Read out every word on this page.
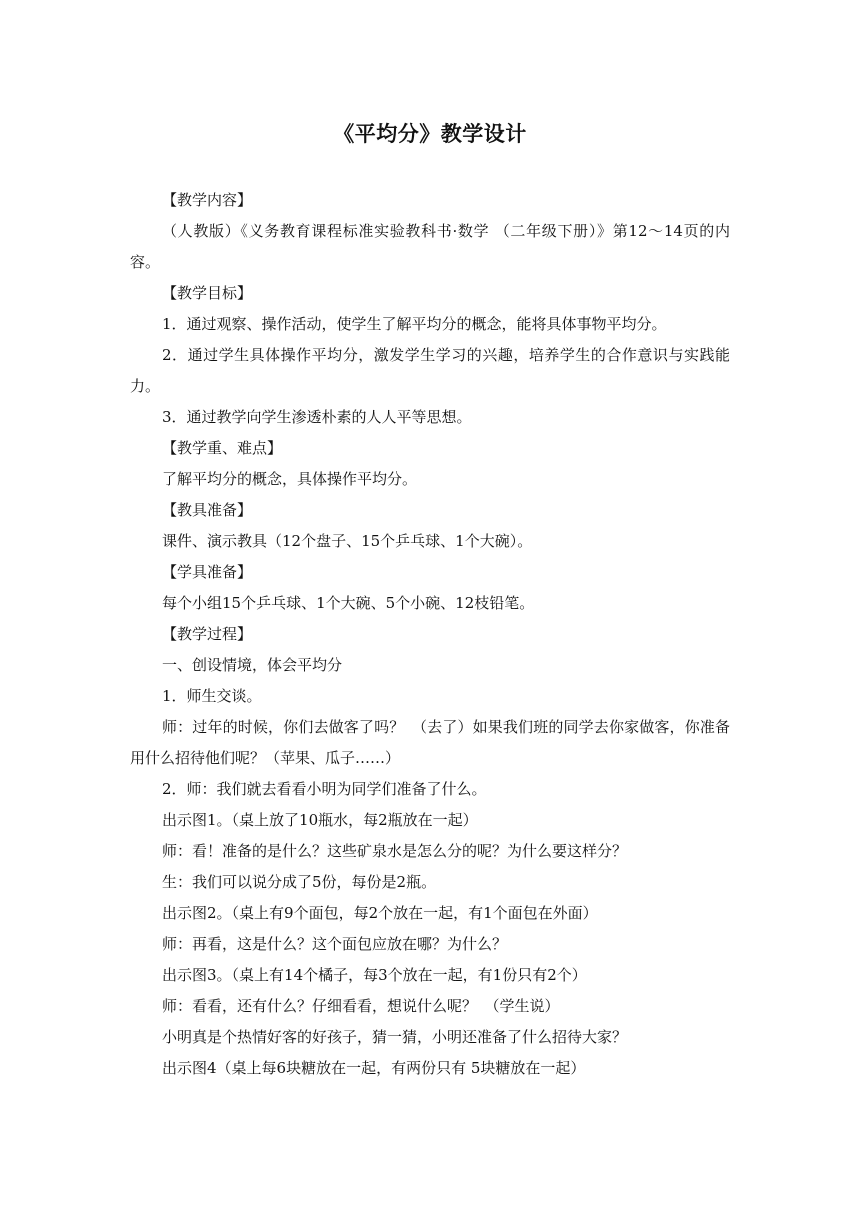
《平均分》教学设计

【教学内容】

（人教版）《义务教育课程标准实验教科书·数学 （二年级下册）》第12～14页的内容。

【教学目标】

1．通过观察、操作活动，使学生了解平均分的概念，能将具体事物平均分。

2．通过学生具体操作平均分，激发学生学习的兴趣，培养学生的合作意识与实践能力。

3．通过教学向学生渗透朴素的人人平等思想。

【教学重、难点】

了解平均分的概念，具体操作平均分。

【教具准备】

课件、演示教具（12个盘子、15个乒乓球、1个大碗）。

【学具准备】

每个小组15个乒乓球、1个大碗、5个小碗、12枝铅笔。

【教学过程】

一、创设情境，体会平均分

1．师生交谈。

师：过年的时候，你们去做客了吗？　（去了）如果我们班的同学去你家做客，你准备用什么招待他们呢？（苹果、瓜子……）

2．师：我们就去看看小明为同学们准备了什么。

出示图1。（桌上放了10瓶水，每2瓶放在一起）

师：看！准备的是什么？这些矿泉水是怎么分的呢？为什么要这样分？

生：我们可以说分成了5份，每份是2瓶。

出示图2。（桌上有9个面包，每2个放在一起，有1个面包在外面）

师：再看，这是什么？这个面包应放在哪？为什么？

出示图3。（桌上有14个橘子，每3个放在一起，有1份只有2个）

师：看看，还有什么？仔细看看，想说什么呢？　（学生说）

小明真是个热情好客的好孩子，猜一猜，小明还准备了什么招待大家？

出示图4（桌上每6块糖放在一起，有两份只有 5块糖放在一起）
